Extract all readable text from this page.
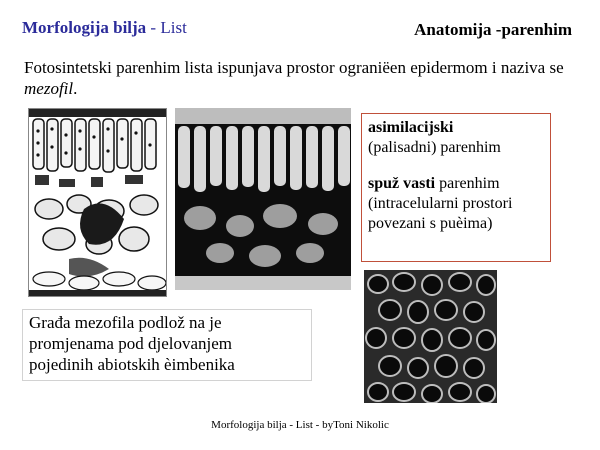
Morfologija bilja - List	Anatomija -parenhim
Fotosintetski parenhim lista ispunjava prostor ograniëen epidermom i naziva se mezofil.

asimilacijski

(palisadni) parenhim

spuž vasti parenhim

(intracelularni prostori

povezani s puèima)

Građa mezofila podlož na je

promjenama pod djelovanjem

pojedinih abiotskih èimbenika

Morfologija bilja - List - byToni Nikolic
